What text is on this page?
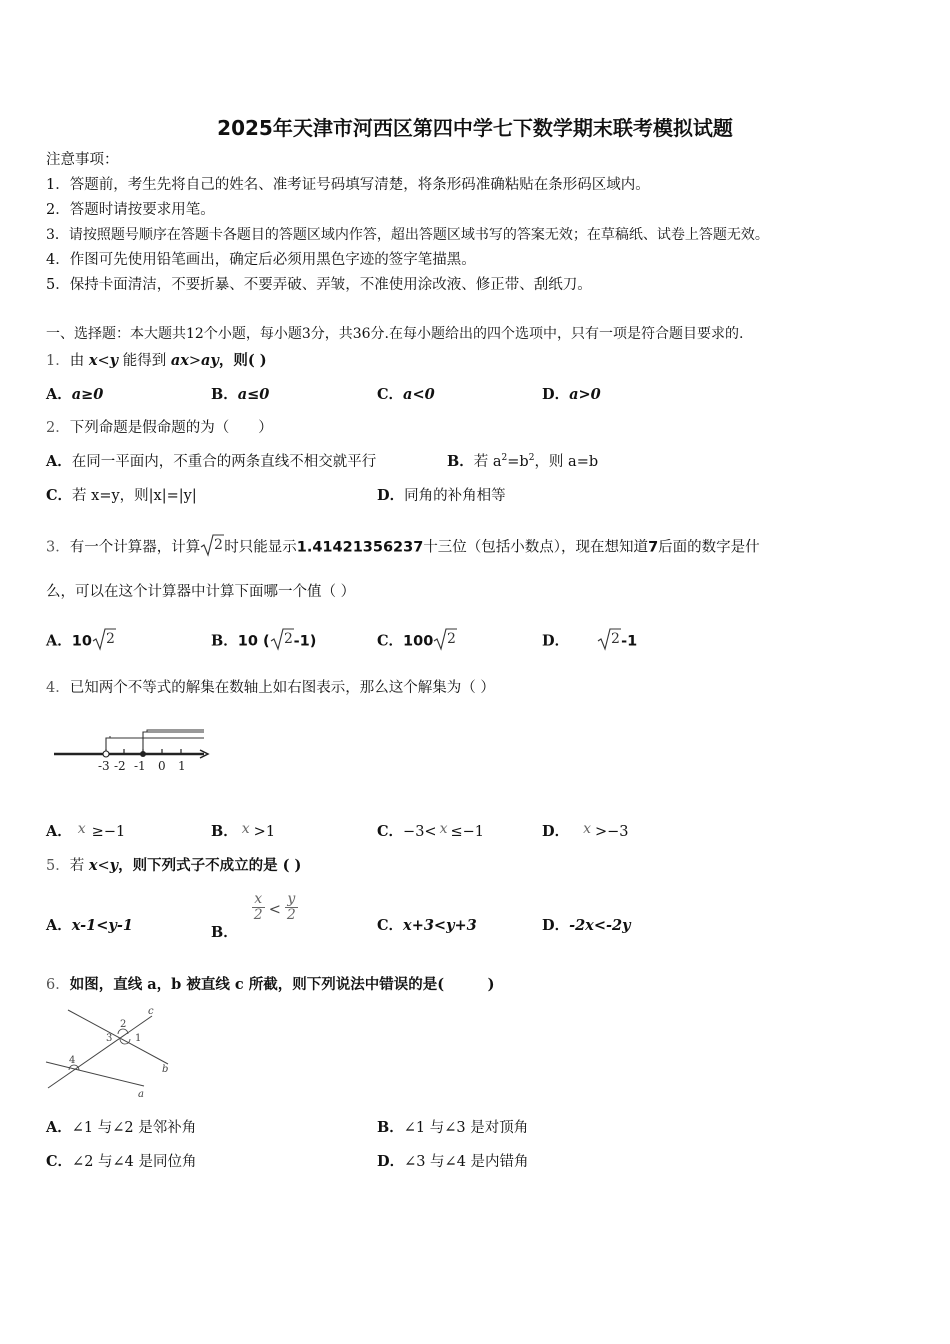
2025年天津市河西区第四中学七下数学期末联考模拟试题
注意事项：
1．答题前，考生先将自己的姓名、准考证号码填写清楚，将条形码准确粘贴在条形码区域内。
2．答题时请按要求用笔。
3．请按照题号顺序在答题卡各题目的答题区域内作答，超出答题区域书写的答案无效；在草稿纸、试卷上答题无效。
4．作图可先使用铅笔画出，确定后必须用黑色字迹的签字笔描黑。
5．保持卡面清洁，不要折暴、不要弄破、弄皱，不准使用涂改液、修正带、刮纸刀。
一、选择题：本大题共12个小题，每小题3分，共36分.在每小题给出的四个选项中，只有一项是符合题目要求的.
1．由 x<y 能得到 ax>ay，则( )
A．a≥0	B．a≤0	C．a<0	D．a>0
2．下列命题是假命题的为（　　）
A．在同一平面内，不重合的两条直线不相交就平行	B．若 $a^2=b^2$，则 a=b
C．若 x=y，则|x|=|y|	D．同角的补角相等
3．有一个计算器，计算 2 时只能显示1.41421356237十三位（包括小数点），现在想知道7后面的数字是什
么，可以在这个计算器中计算下面哪一个值（ ）
A．10 2	B．10 ( 2 -1)	C．100 2	D．	2 -1
4．已知两个不等式的解集在数轴上如右图表示，那么这个解集为（ ）
-3 -2 -1 0 1
A． x ≥−1	B． x >1	C．−3< x ≤−1	D． x >−3
5．若 x<y，则下列式子不成立的是 ( )
A．x-1<y-1	B．
$\frac{x}{2} < \frac{y}{2}$
C．x+3<y+3	D．-2x<-2y
6．如图，直线 a，b 被直线 c 所截，则下列说法中错误的是(　　　)
c
b
a
2
1
3
4
A．∠1 与∠2 是邻补角	B．∠1 与∠3 是对顶角
C．∠2 与∠4 是同位角	D．∠3 与∠4 是内错角
